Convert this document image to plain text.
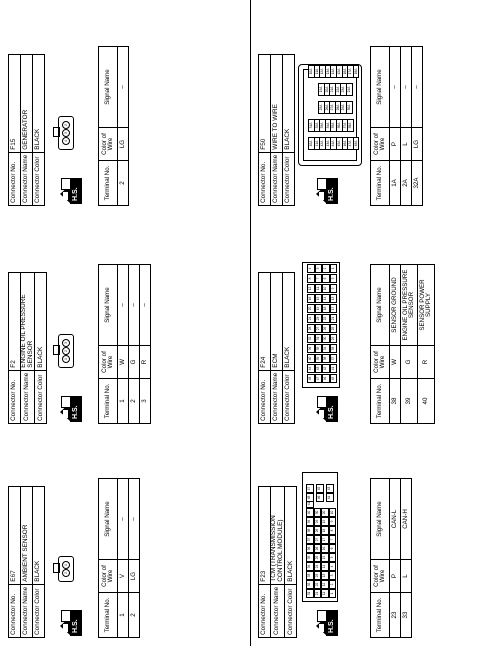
Connector No.	E67
Connector Name	AMBIENT SENSOR
Connector Color	BLACK
H.S.
2
1
Terminal No.	Color of Wire	Signal Name
1	V	–
2	LG	–
Connector No.	F2
Connector Name	ENGINE OIL PRESSURE SENSOR
Connector Color	BLACK
H.S.
1
2
3
Terminal No.	Color of Wire	Signal Name
1	W	–
2	G	–
3	R	–
Connector No.	F15
Connector Name	GENERATOR
Connector Color	BLACK
H.S.
4
3
2
Terminal No.	Color of Wire	Signal Name
2	LG	–
Connector No.	F23
Connector Name	TCM (TRANSMISSION CONTROL MODULE)
Connector Color	BLACK
H.S.
31
32
33
34
35
36
37
38
39
40
41
21
22
23
24
25
26
27
28
29
30
11
12
13
14
15
16
17
18
19
20
1
2
3
4
5
6
7
8
9
10
48
47
46
45
44
43
Terminal No.	Color of Wire	Signal Name
23	P	CAN-L
33	L	CAN-H
Connector No.	F24
Connector Name	ECM
Connector Color	BLACK
H.S.
48
44
40
36
32
28
24
20
16
12
8
4
47
43
39
35
31
27
23
19
15
11
7
3
46
42
38
34
30
26
22
18
14
10
6
2
45
41
37
33
29
25
21
17
13
9
5
1
Terminal No.	Color of Wire	Signal Name
38	W	SENSOR GROUND
39	G	ENGINE OIL PRESSURE SENSOR
40	R	SENSOR POWER SUPPLY
Connector No.	F50
Connector Name	WIRE TO WIRE
Connector Color	BLACK
H.S.
10A 11A 12A 13A 14A 15A 16A 17A 18A
19A 20A 21A 22A 23A 24A
25A 26A 27A 28A 29A 30A
31A 32A 33A 34A 35A 36A 37A 38A
40A 41A 42A 43A 44A 45A 46A 47A 48A
Terminal No.	Color of Wire	Signal Name
1A	P	–
2A	L	–
32A	LG	–
